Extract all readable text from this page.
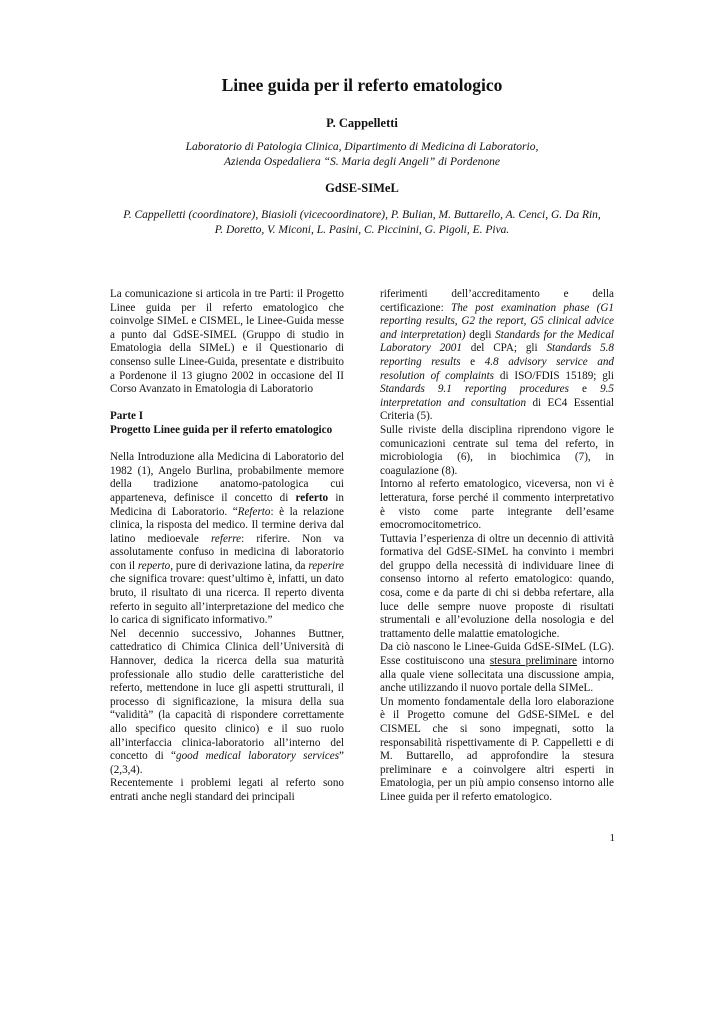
Linee guida per il referto ematologico
P. Cappelletti
Laboratorio di Patologia Clinica, Dipartimento di Medicina di Laboratorio,
Azienda Ospedaliera “S. Maria degli Angeli” di Pordenone
GdSE-SIMeL
P. Cappelletti (coordinatore), Biasioli (vicecoordinatore), P. Bulian, M. Buttarello, A. Cenci, G. Da Rin,
P. Doretto, V. Miconi, L. Pasini, C. Piccinini, G. Pigoli, E. Piva.

La comunicazione si articola in tre Parti: il Progetto Linee guida per il referto ematologico che coinvolge SIMeL e CISMEL, le Linee-Guida messe a punto dal GdSE-SIMEL (Gruppo di studio in Ematologia della SIMeL) e il Questionario di consenso sulle Linee-Guida, presentate e distribuito a Pordenone il 13 giugno 2002 in occasione del II Corso Avanzato in Ematologia di Laboratorio

Parte I

Progetto Linee guida per il referto ematologico

Nella Introduzione alla Medicina di Laboratorio del 1982 (1), Angelo Burlina, probabilmente memore della tradizione anatomo-patologica cui apparteneva, definisce il concetto di referto in Medicina di Laboratorio. “Referto: è la relazione clinica, la risposta del medico. Il termine deriva dal latino medioevale referre: riferire. Non va assolutamente confuso in medicina di laboratorio con il reperto, pure di derivazione latina, da reperire che significa trovare: quest’ultimo è, infatti, un dato bruto, il risultato di una ricerca. Il reperto diventa referto in seguito all’interpretazione del medico che lo carica di significato informativo.”

Nel decennio successivo, Johannes Buttner, cattedratico di Chimica Clinica dell’Università di Hannover, dedica la ricerca della sua maturità professionale allo studio delle caratteristiche del referto, mettendone in luce gli aspetti strutturali, il processo di significazione, la misura della sua “validità” (la capacità di rispondere correttamente allo specifico quesito clinico) e il suo ruolo all’interfaccia clinica-laboratorio all’interno del concetto di “good medical laboratory services” (2,3,4).

Recentemente i problemi legati al referto sono entrati anche negli standard dei principali

riferimenti dell’accreditamento e della certificazione: The post examination phase (G1 reporting results, G2 the report, G5 clinical advice and interpretation) degli Standards for the Medical Laboratory 2001 del CPA; gli Standards 5.8 reporting results e 4.8 advisory service and resolution of complaints di ISO/FDIS 15189; gli Standards 9.1 reporting procedures e 9.5 interpretation and consultation di EC4 Essential Criteria (5).

Sulle riviste della disciplina riprendono vigore le comunicazioni centrate sul tema del referto, in microbiologia (6), in biochimica (7), in coagulazione (8).

Intorno al referto ematologico, viceversa, non vi è letteratura, forse perché il commento interpretativo è visto come parte integrante dell’esame emocromocitometrico.

Tuttavia l’esperienza di oltre un decennio di attività formativa del GdSE-SIMeL ha convinto i membri del gruppo della necessità di individuare linee di consenso intorno al referto ematologico: quando, cosa, come e da parte di chi si debba refertare, alla luce delle sempre nuove proposte di risultati strumentali e all’evoluzione della nosologia e del trattamento delle malattie ematologiche.

Da ciò nascono le Linee-Guida GdSE-SIMeL (LG). Esse costituiscono una stesura preliminare intorno alla quale viene sollecitata una discussione ampia, anche utilizzando il nuovo portale della SIMeL.

Un momento fondamentale della loro elaborazione è il Progetto comune del GdSE-SIMeL e del CISMEL che si sono impegnati, sotto la responsabilità rispettivamente di P. Cappelletti e di M. Buttarello, ad approfondire la stesura preliminare e a coinvolgere altri esperti in Ematologia, per un più ampio consenso intorno alle Linee guida per il referto ematologico.

1
